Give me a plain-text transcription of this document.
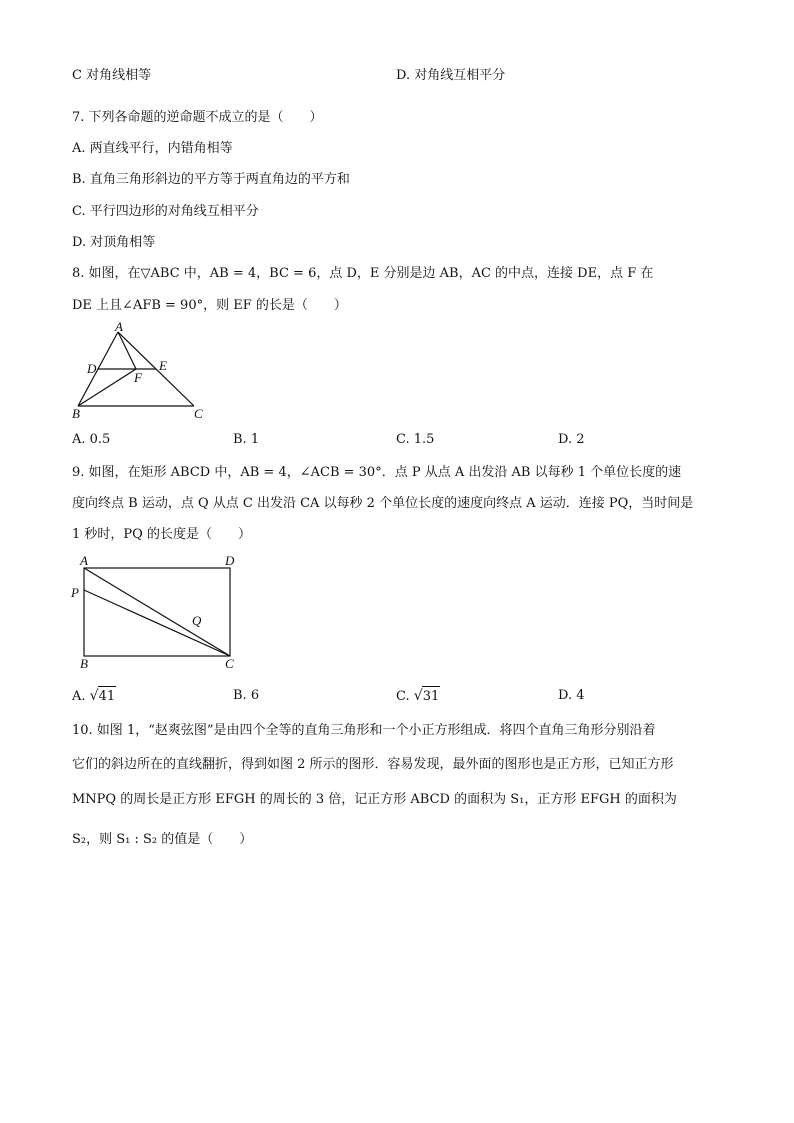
C 对角线相等	D. 对角线互相平分
7. 下列各命题的逆命题不成立的是（　　）
A. 两直线平行，内错角相等
B. 直角三角形斜边的平方等于两直角边的平方和
C. 平行四边形的对角线互相平分
D. 对顶角相等
8. 如图，在▽ABC 中，AB = 4，BC = 6，点 D，E 分别是边 AB，AC 的中点，连接 DE，点 F 在
DE 上且∠AFB = 90°，则 EF 的长是（　　）
A
D	E
F
B	C
A. 0.5	B. 1	C. 1.5	D. 2
9. 如图，在矩形 ABCD 中，AB = 4，∠ACB = 30°．点 P 从点 A 出发沿 AB 以每秒 1 个单位长度的速
度向终点 B 运动，点 Q 从点 C 出发沿 CA 以每秒 2 个单位长度的速度向终点 A 运动．连接 PQ，当时间是
1 秒时，PQ 的长度是（　　）
A	D
P
Q
B	C
A. √41	B. 6	C. √31	D. 4
10. 如图 1，“赵爽弦图”是由四个全等的直角三角形和一个小正方形组成．将四个直角三角形分别沿着
它们的斜边所在的直线翻折，得到如图 2 所示的图形．容易发现，最外面的图形也是正方形，已知正方形
MNPQ 的周长是正方形 EFGH 的周长的 3 倍，记正方形 ABCD 的面积为 S₁，正方形 EFGH 的面积为
S₂，则 S₁ : S₂ 的值是（　　）
